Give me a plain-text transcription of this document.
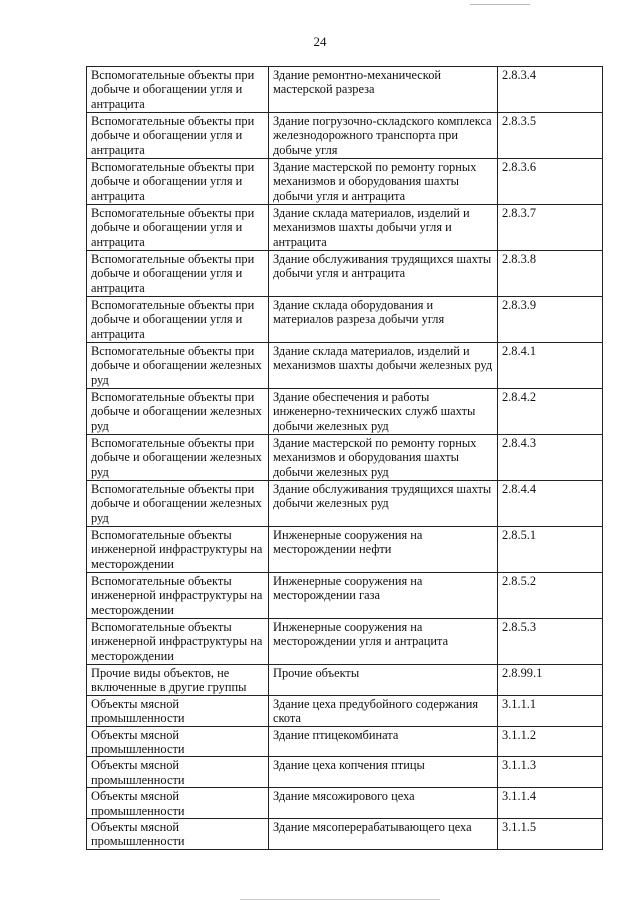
24
Вспомогательные объекты при добыче и обогащении угля и антрацита	Здание ремонтно-механической мастерской разреза	2.8.3.4
Вспомогательные объекты при добыче и обогащении угля и антрацита	Здание погрузочно-складского комплекса железнодорожного транспорта при добыче угля	2.8.3.5
Вспомогательные объекты при добыче и обогащении угля и антрацита	Здание мастерской по ремонту горных механизмов и оборудования шахты добычи угля и антрацита	2.8.3.6
Вспомогательные объекты при добыче и обогащении угля и антрацита	Здание склада материалов, изделий и механизмов шахты добычи угля и антрацита	2.8.3.7
Вспомогательные объекты при добыче и обогащении угля и антрацита	Здание обслуживания трудящихся шахты добычи угля и антрацита	2.8.3.8
Вспомогательные объекты при добыче и обогащении угля и антрацита	Здание склада оборудования и материалов разреза добычи угля	2.8.3.9
Вспомогательные объекты при добыче и обогащении железных руд	Здание склада материалов, изделий и механизмов шахты добычи железных руд	2.8.4.1
Вспомогательные объекты при добыче и обогащении железных руд	Здание обеспечения и работы инженерно-технических служб шахты добычи железных руд	2.8.4.2
Вспомогательные объекты при добыче и обогащении железных руд	Здание мастерской по ремонту горных механизмов и оборудования шахты добычи железных руд	2.8.4.3
Вспомогательные объекты при добыче и обогащении железных руд	Здание обслуживания трудящихся шахты добычи железных руд	2.8.4.4
Вспомогательные объекты инженерной инфраструктуры на месторождении	Инженерные сооружения на месторождении нефти	2.8.5.1
Вспомогательные объекты инженерной инфраструктуры на месторождении	Инженерные сооружения на месторождении газа	2.8.5.2
Вспомогательные объекты инженерной инфраструктуры на месторождении	Инженерные сооружения на месторождении угля и антрацита	2.8.5.3
Прочие виды объектов, не включенные в другие группы	Прочие объекты	2.8.99.1
Объекты мясной промышленности	Здание цеха предубойного содержания скота	3.1.1.1
Объекты мясной промышленности	Здание птицекомбината	3.1.1.2
Объекты мясной промышленности	Здание цеха копчения птицы	3.1.1.3
Объекты мясной промышленности	Здание мясожирового цеха	3.1.1.4
Объекты мясной промышленности	Здание мясоперерабатывающего цеха	3.1.1.5
